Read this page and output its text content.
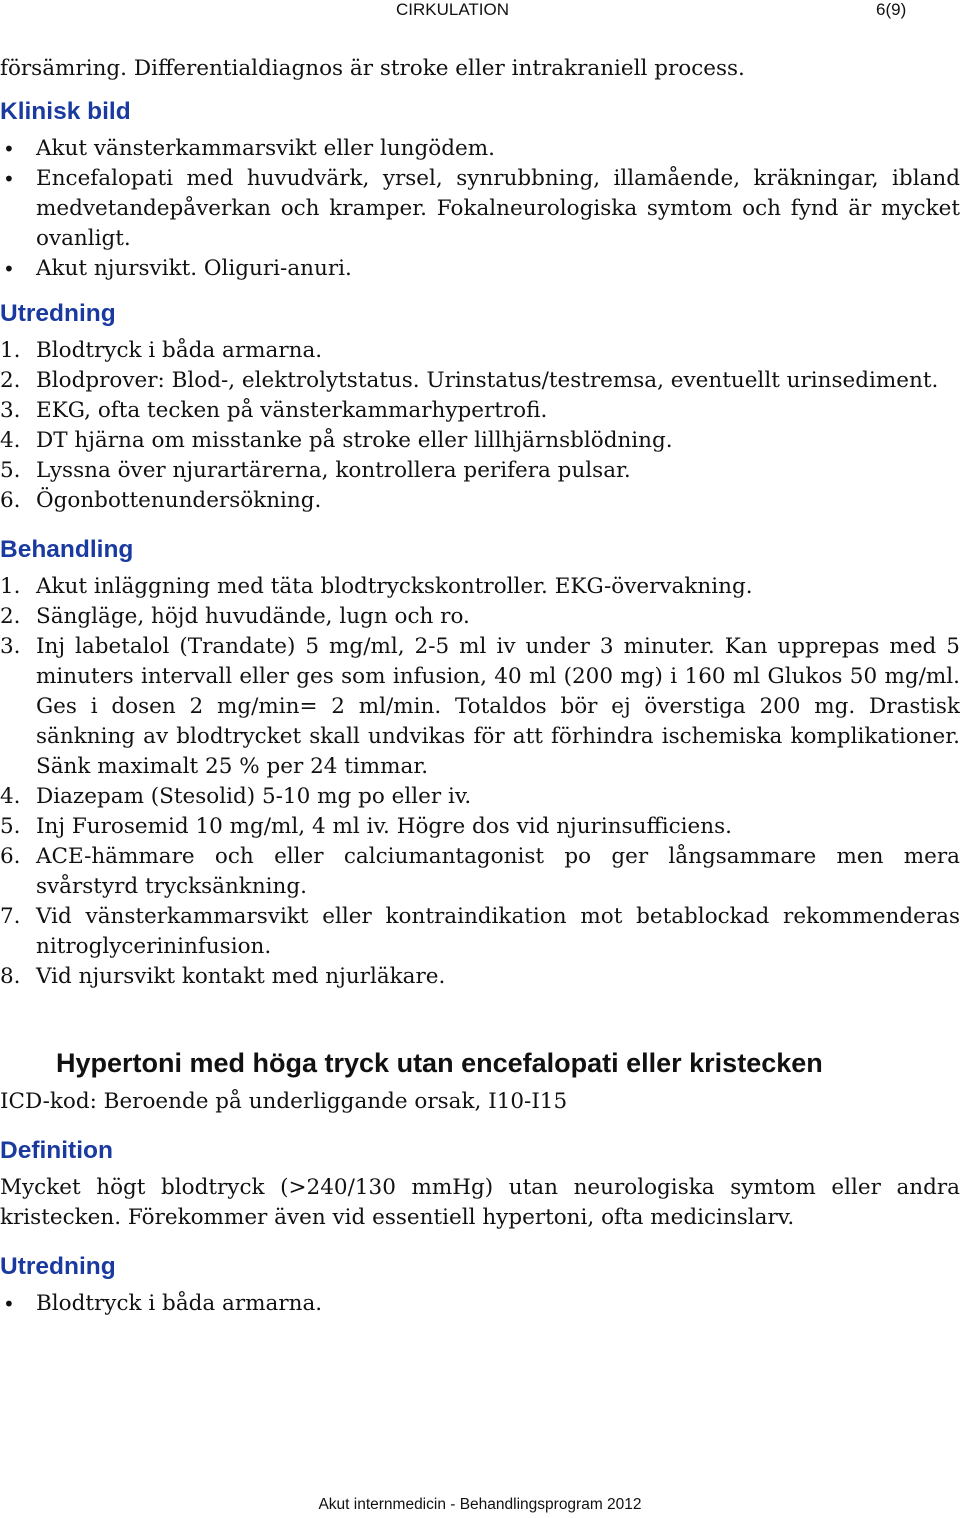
CIRKULATION	6(9)

försämring. Differentialdiagnos är stroke eller intrakraniell process.

Klinisk bild
• Akut vänsterkammarsvikt eller lungödem.
• Encefalopati med huvudvärk, yrsel, synrubbning, illamående, kräkningar, ibland medvetandepåverkan och kramper. Fokalneurologiska symtom och fynd är mycket ovanligt.
• Akut njursvikt. Oliguri-anuri.
Utredning
1. Blodtryck i båda armarna.
2. Blodprover: Blod-, elektrolytstatus. Urinstatus/testremsa, eventuellt urinsediment.
3. EKG, ofta tecken på vänsterkammarhypertrofi.
4. DT hjärna om misstanke på stroke eller lillhjärnsblödning.
5. Lyssna över njurartärerna, kontrollera perifera pulsar.
6. Ögonbottenundersökning.
Behandling
1. Akut inläggning med täta blodtryckskontroller. EKG-övervakning.
2. Sängläge, höjd huvudände, lugn och ro.
3. Inj labetalol (Trandate) 5 mg/ml, 2-5 ml iv under 3 minuter. Kan upprepas med 5 minuters intervall eller ges som infusion, 40 ml (200 mg) i 160 ml Glukos 50 mg/ml. Ges i dosen 2 mg/min= 2 ml/min. Totaldos bör ej överstiga 200 mg. Drastisk sänkning av blodtrycket skall undvikas för att förhindra ischemiska komplikationer. Sänk maximalt 25 % per 24 timmar.
4. Diazepam (Stesolid) 5-10 mg po eller iv.
5. Inj Furosemid 10 mg/ml, 4 ml iv. Högre dos vid njurinsufficiens.
6. ACE-hämmare och eller calciumantagonist po ger långsammare men mera svårstyrd trycksänkning.
7. Vid vänsterkammarsvikt eller kontraindikation mot betablockad rekommenderas nitroglycerininfusion.
8. Vid njursvikt kontakt med njurläkare.
Hypertoni med höga tryck utan encefalopati eller kristecken

ICD-kod: Beroende på underliggande orsak, I10-I15

Definition

Mycket högt blodtryck (>240/130 mmHg) utan neurologiska symtom eller andra kristecken. Förekommer även vid essentiell hypertoni, ofta medicinslarv.

Utredning
• Blodtryck i båda armarna.
Akut internmedicin - Behandlingsprogram 2012
